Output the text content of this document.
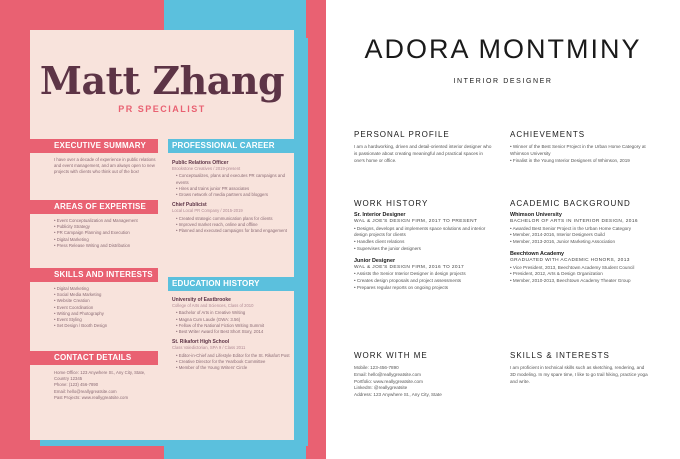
Matt Zhang
PR SPECIALIST
EXECUTIVE SUMMARY
I have over a decade of experience in public relations and event management, and am always open to new projects with clients who think out of the box!
AREAS OF EXPERTISE
• Event Conceptualization and Management
• Publicity Strategy
• PR Campaign Planning and Execution
• Digital Marketing
• Press Release Writing and Distribution
SKILLS AND INTERESTS
• Digital Marketing
• Social Media Marketing
• Website Creation
• Event Coordination
• Writing and Photography
• Event Styling
• Set Design / Booth Design
CONTACT DETAILS
Home Office: 123 Anywhere St., Any City, State, Country 12345
Phone: (123) 456-7890
Email: hello@reallygreatsite.com
Past Projects: www.reallygreatsite.com
PROFESSIONAL CAREER
Public Relations Officer
Brookstone Creatives / 2019-present
• Conceptualizes, plans and executes PR campaigns and events
• Hires and trains junior PR associates
• Grows network of media partners and bloggers
Chief Publicist
Local Local PR Company / 2015-2019
• Created strategic communication plans for clients
• Improved market reach, online and offline
• Planned and executed campaigns for brand engagement
EDUCATION HISTORY
University of Eastbrooke
College of Arts and Sciences, Class of 2010
• Bachelor of Arts in Creative Writing
• Magna Cum Laude (GWA: 3.56)
• Fellow of the National Fiction Writing Summit
• Best Writer Award for Best Short Story, 2014
St. Rikafort High School
Class Valedictorian, SPA 9 / Class 2011
• Editor-in-Chief and Lifestyle Editor for the St. Rikafort Post
• Creative Director for the Yearbook Committee
• Member of the Young Writers' Circle
ADORA MONTMINY
INTERIOR DESIGNER
PERSONAL PROFILE
I am a hardworking, driven and detail-oriented interior designer who is passionate about creating meaningful and practical spaces in one's home or office.
ACHIEVEMENTS
• Winner of the Best Senior Project in the Urban Home Category at Whimson University
• Finalist in the Young Interior Designers of Whimson, 2019
WORK HISTORY
Sr. Interior Designer
WAL & JOE'S DESIGN FIRM, 2017 TO PRESENT
• Designs, develops and implements space solutions and interior design projects for clients
• Handles client relations
• Supervises the junior designers
Junior Designer
WAL & JOE'S DESIGN FIRM, 2016 TO 2017
• Assists the Senior Interior Designer in design projects
• Creates design proposals and project assessments
• Prepares regular reports on ongoing projects
ACADEMIC BACKGROUND
Whimson University
BACHELOR OF ARTS IN INTERIOR DESIGN, 2016
• Awarded Best Senior Project in the Urban Home Category
• Member, 2014-2016, Interior Designers Guild
• Member, 2013-2016, Junior Marketing Association
Beechtown Academy
GRADUATED WITH ACADEMIC HONORS, 2013
• Vice President, 2013, Beechtown Academy Student Council
• President, 2012, Arts & Design Organization
• Member, 2010-2013, Beechtown Academy Theater Group
WORK WITH ME
Mobile: 123-456-7890
Email: hello@reallygreatsite.com
Portfolio: www.reallygreatsite.com
LinkedIn: @reallygreatsite
Address: 123 Anywhere St., Any City, State
SKILLS & INTERESTS
I am proficient in technical skills such as sketching, rendering, and 3D modeling. In my spare time, I like to go trail hiking, practice yoga and write.
